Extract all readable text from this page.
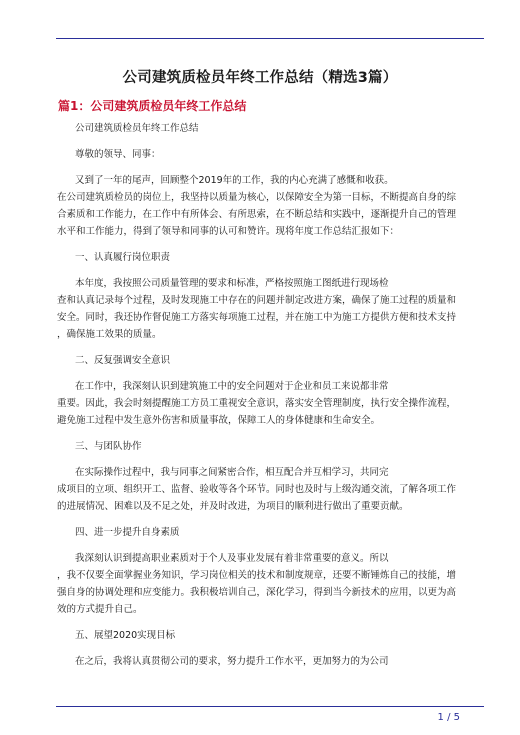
公司建筑质检员年终工作总结（精选3篇）
篇1：公司建筑质检员年终工作总结

公司建筑质检员年终工作总结

尊敬的领导、同事：

又到了一年的尾声，回顾整个2019年的工作，我的内心充满了感慨和收获。

在公司建筑质检员的岗位上，我坚持以质量为核心，以保障安全为第一目标，不断提高自身的综

合素质和工作能力，在工作中有所体会、有所思索，在不断总结和实践中，逐渐提升自己的管理

水平和工作能力，得到了领导和同事的认可和赞许。现将年度工作总结汇报如下：

一、认真履行岗位职责

本年度，我按照公司质量管理的要求和标准，严格按照施工图纸进行现场检

查和认真记录每个过程，及时发现施工中存在的问题并制定改进方案，确保了施工过程的质量和

安全。同时，我还协作督促施工方落实每项施工过程，并在施工中为施工方提供方便和技术支持

，确保施工效果的质量。

二、反复强调安全意识

在工作中，我深刻认识到建筑施工中的安全问题对于企业和员工来说都非常

重要。因此，我会时刻提醒施工方员工重视安全意识，落实安全管理制度，执行安全操作流程，

避免施工过程中发生意外伤害和质量事故，保障工人的身体健康和生命安全。

三、与团队协作

在实际操作过程中，我与同事之间紧密合作，相互配合并互相学习，共同完

成项目的立项、组织开工、监督、验收等各个环节。同时也及时与上级沟通交流，了解各项工作

的进展情况、困难以及不足之处，并及时改进，为项目的顺利进行做出了重要贡献。

四、进一步提升自身素质

我深刻认识到提高职业素质对于个人及事业发展有着非常重要的意义。所以

，我不仅要全面掌握业务知识，学习岗位相关的技术和制度规章，还要不断锤炼自己的技能，增

强自身的协调处理和应变能力。我积极培训自己，深化学习，得到当今新技术的应用，以更为高

效的方式提升自己。

五、展望2020实现目标

在之后，我将认真贯彻公司的要求，努力提升工作水平，更加努力的为公司

1 / 5
